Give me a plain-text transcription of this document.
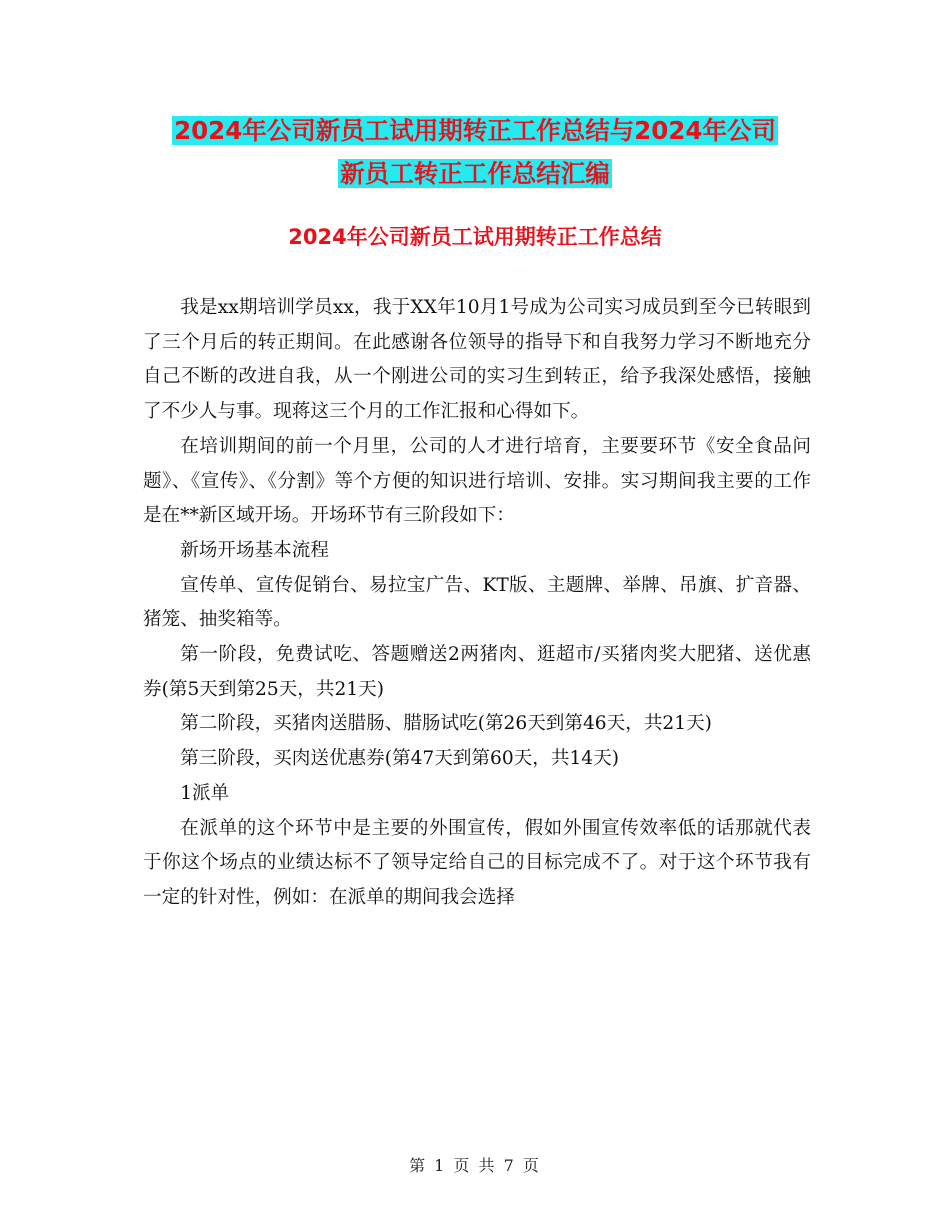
2024年公司新员工试用期转正工作总结与2024年公司
新员工转正工作总结汇编
2024年公司新员工试用期转正工作总结

我是xx期培训学员xx，我于XX年10月1号成为公司实习成员到至今已转眼到了三个月后的转正期间。在此感谢各位领导的指导下和自我努力学习不断地充分自己不断的改进自我，从一个刚进公司的实习生到转正，给予我深处感悟，接触了不少人与事。现蒋这三个月的工作汇报和心得如下。

在培训期间的前一个月里，公司的人才进行培育，主要要环节《安全食品问题》、《宣传》、《分割》等个方便的知识进行培训、安排。实习期间我主要的工作是在**新区域开场。开场环节有三阶段如下：

新场开场基本流程

宣传单、宣传促销台、易拉宝广告、KT版、主题牌、举牌、吊旗、扩音器、猪笼、抽奖箱等。

第一阶段，免费试吃、答题赠送2两猪肉、逛超市/买猪肉奖大肥猪、送优惠券(第5天到第25天，共21天)

第二阶段，买猪肉送腊肠、腊肠试吃(第26天到第46天，共21天)

第三阶段，买肉送优惠券(第47天到第60天，共14天)

1派单

在派单的这个环节中是主要的外围宣传，假如外围宣传效率低的话那就代表于你这个场点的业绩达标不了领导定给自己的目标完成不了。对于这个环节我有一定的针对性，例如：在派单的期间我会选择

第 1 页 共 7 页
